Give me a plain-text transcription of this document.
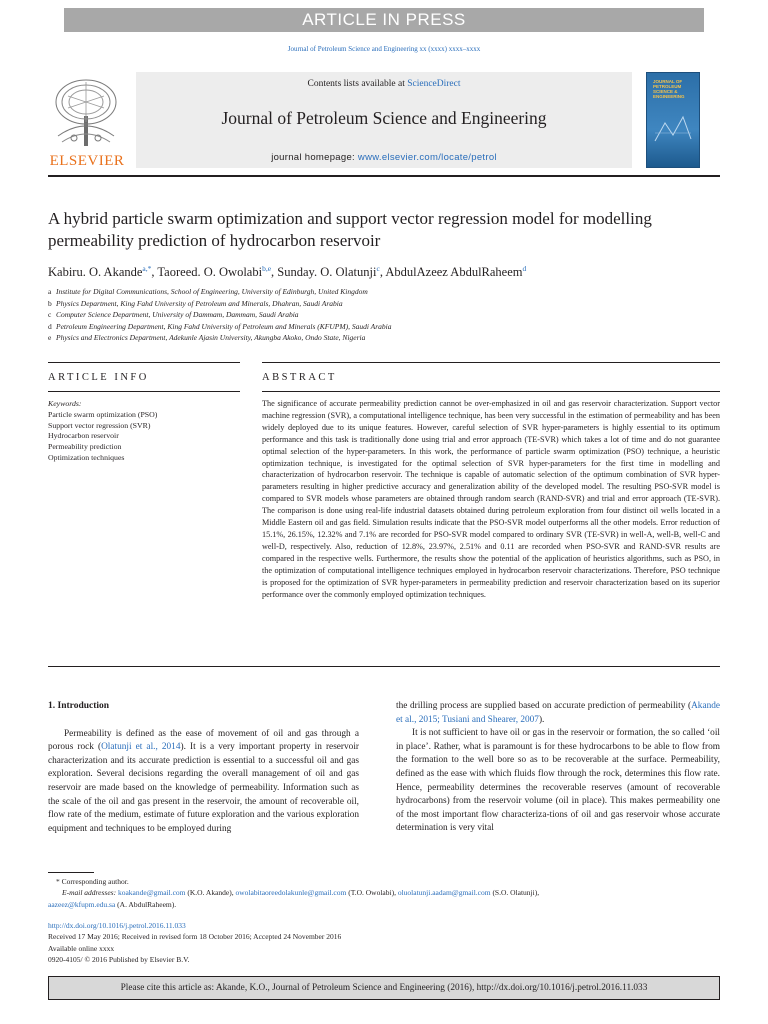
ARTICLE IN PRESS
Journal of Petroleum Science and Engineering xx (xxxx) xxxx–xxxx
ELSEVIER
Contents lists available at ScienceDirect
Journal of Petroleum Science and Engineering
journal homepage: www.elsevier.com/locate/petrol
JOURNAL OF
PETROLEUM
SCIENCE &
ENGINEERING
A hybrid particle swarm optimization and support vector regression model for modelling permeability prediction of hydrocarbon reservoir
Kabiru. O. Akande$^{a,*}$, Taoreed. O. Owolabi$^{b,e}$, Sunday. O. Olatunji$^c$, AbdulAzeez AbdulRaheem$^d$
a Institute for Digital Communications, School of Engineering, University of Edinburgh, United Kingdom
b Physics Department, King Fahd University of Petroleum and Minerals, Dhahran, Saudi Arabia
c Computer Science Department, University of Dammam, Dammam, Saudi Arabia
d Petroleum Engineering Department, King Fahd University of Petroleum and Minerals (KFUPM), Saudi Arabia
e Physics and Electronics Department, Adekunle Ajasin University, Akungba Akoko, Ondo State, Nigeria
ARTICLE INFO	ABSTRACT
Keywords:
Particle swarm optimization (PSO)
Support vector regression (SVR)
Hydrocarbon reservoir
Permeability prediction
Optimization techniques
The significance of accurate permeability prediction cannot be over-emphasized in oil and gas reservoir characterization. Support vector machine regression (SVR), a computational intelligence technique, has been very successful in the estimation of permeability and has been widely deployed due to its unique features. However, careful selection of SVR hyper-parameters is highly essential to its optimum performance and this task is traditionally done using trial and error approach (TE-SVR) which takes a lot of time and do not guarantee optimal selection of the hyper-parameters. In this work, the performance of particle swarm optimization (PSO) technique, a heuristic optimization technique, is investigated for the optimal selection of SVR hyper-parameters for the first time in modelling and characterization of hydrocarbon reservoir. The technique is capable of automatic selection of the optimum combination of SVR hyper-parameters resulting in higher predictive accuracy and generalization ability of the developed model. The resulting PSO-SVR model is compared to SVR models whose parameters are obtained through random search (RAND-SVR) and trial and error approach (TE-SVR). The comparison is done using real-life industrial datasets obtained during petroleum exploration from four distinct oil wells located in a Middle Eastern oil and gas field. Simulation results indicate that the PSO-SVR model outperforms all the other models. Error reduction of 15.1%, 26.15%, 12.32% and 7.1% are recorded for PSO-SVR model compared to ordinary SVR (TE-SVR) in well-A, well-B, well-C and well-D, respectively. Also, reduction of 12.8%, 23.97%, 2.51% and 0.11 are recorded when PSO-SVR and RAND-SVR results are compared in the respective wells. Furthermore, the results show the potential of the application of heuristics algorithms, such as PSO, in the optimization of computational intelligence techniques employed in hydrocarbon reservoir characterizations. Therefore, PSO technique is proposed for the optimization of SVR hyper-parameters in permeability prediction and reservoir characterization based on its superior performance over the commonly employed optimization techniques.
1. Introduction

Permeability is defined as the ease of movement of oil and gas through a porous rock (Olatunji et al., 2014). It is a very important property in reservoir characterization and its accurate prediction is essential to a successful oil and gas exploration. Several decisions regarding the overall management of oil and gas reservoir are made based on the knowledge of permeability. Information such as the scale of the oil and gas present in the reservoir, the amount of recoverable oil, flow rate of the medium, estimate of future exploration and the various exploration equipment and techniques to be employed during

the drilling process are supplied based on accurate prediction of permeability (Akande et al., 2015; Tusiani and Shearer, 2007).

It is not sufficient to have oil or gas in the reservoir or formation, the so called ‘oil in place’. Rather, what is paramount is for these hydrocarbons to be able to flow from the formation to the well bore so as to be recoverable at the surface. Permeability, defined as the ease with which fluids flow through the rock, determines this flow rate. Hence, permeability determines the recoverable reserves (amount of recoverable hydrocarbons) from the reservoir volume (oil in place). This makes permeability one of the most important flow characteriza-tions of oil and gas reservoir whose accurate determination is very vital

* Corresponding author.
E-mail addresses: koakande@gmail.com (K.O. Akande), owolabitaoreedolakunle@gmail.com (T.O. Owolabi), oluolatunji.aadam@gmail.com (S.O. Olatunji),
aazeez@kfupm.edu.sa (A. AbdulRaheem).
http://dx.doi.org/10.1016/j.petrol.2016.11.033
Received 17 May 2016; Received in revised form 18 October 2016; Accepted 24 November 2016
Available online xxxx
0920-4105/ © 2016 Published by Elsevier B.V.
Please cite this article as: Akande, K.O., Journal of Petroleum Science and Engineering (2016), http://dx.doi.org/10.1016/j.petrol.2016.11.033
